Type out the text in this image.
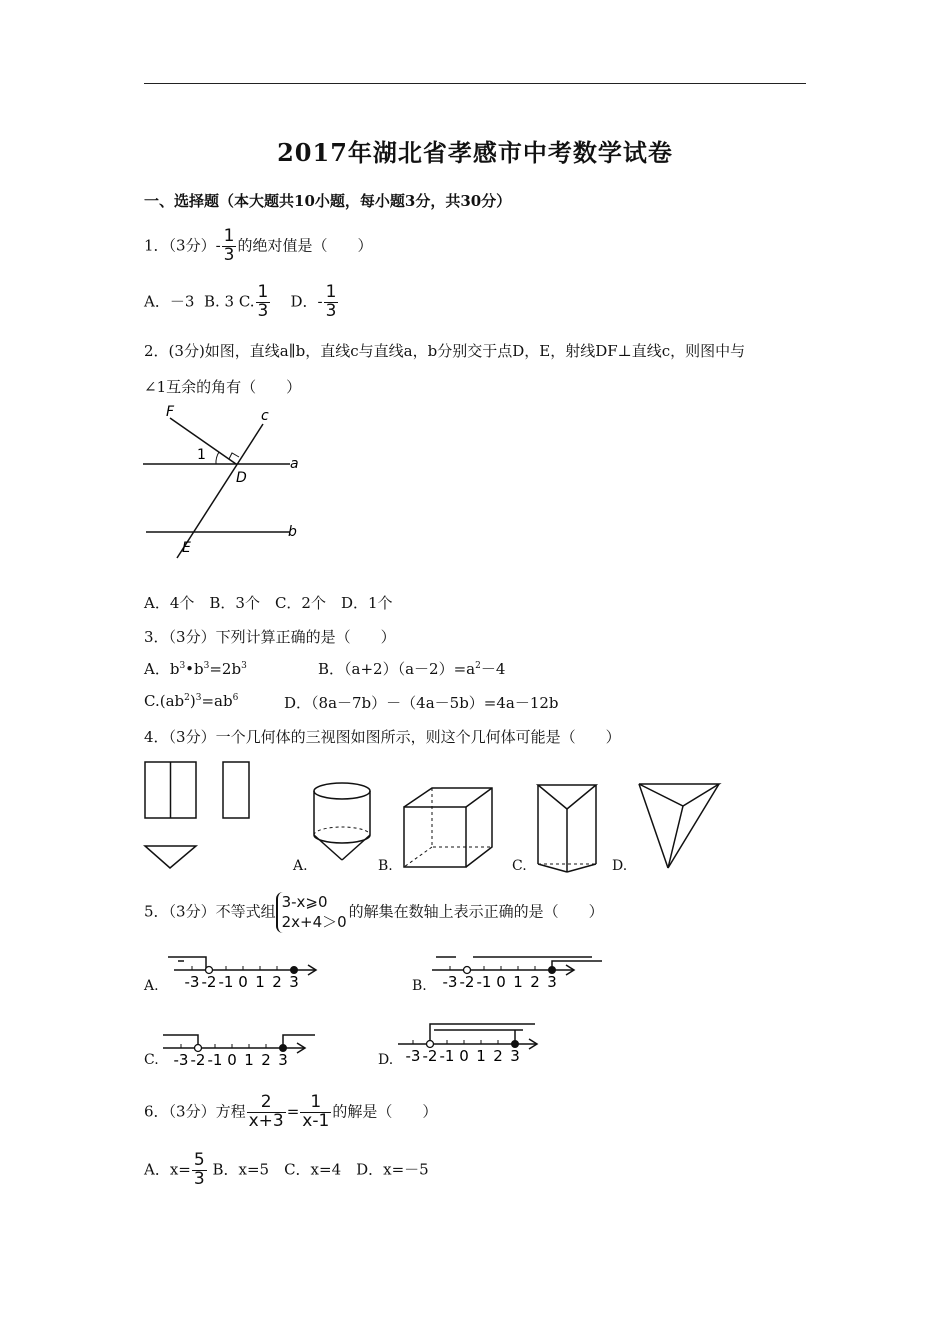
2017年湖北省孝感市中考数学试卷
一、选择题（本大题共10小题，每小题3分，共30分）
1．（3分）- $\frac{1}{3}$ 的绝对值是（　　）
A．－3 B. 3 C. $\frac{1}{3}$ D．- $\frac{1}{3}$
2．(3分)如图，直线a∥b，直线c与直线a，b分别交于点D，E，射线DF⊥直线c，则图中与
∠1互余的角有（　　）
F	c
1
D
a
b
E
A．4个　B．3个　C．2个　D．1个
3．（3分）下列计算正确的是（　　）
A．$b^3•b^3=2b^3$	B．$(a+2)(a-2)=a^2-4$
$C.(ab^2)^3=ab^6$	D．（8a－7b）－（4a－5b）=4a－12b
4．（3分）一个几何体的三视图如图所示，则这个几何体可能是（　　）
A.	B.	C.	D.
5．（3分）不等式组
3-x⩾0
2x+4＞0
的解集在数轴上表示正确的是（　　）
-3 -2 -1 0 1 2 3	-3 -2 -1 0 1 2 3
-3 -2 -1 0 1 2 3	-3 -2 -1 0 1 2 3
A.	B.
C.	D.
6．（3分）方程 $\frac{2}{x+3} = \frac{1}{x-1}$ 的解是（　　）
A．$x= \frac{5}{3}$ B．x=5　C．x=4　D．x=－5
